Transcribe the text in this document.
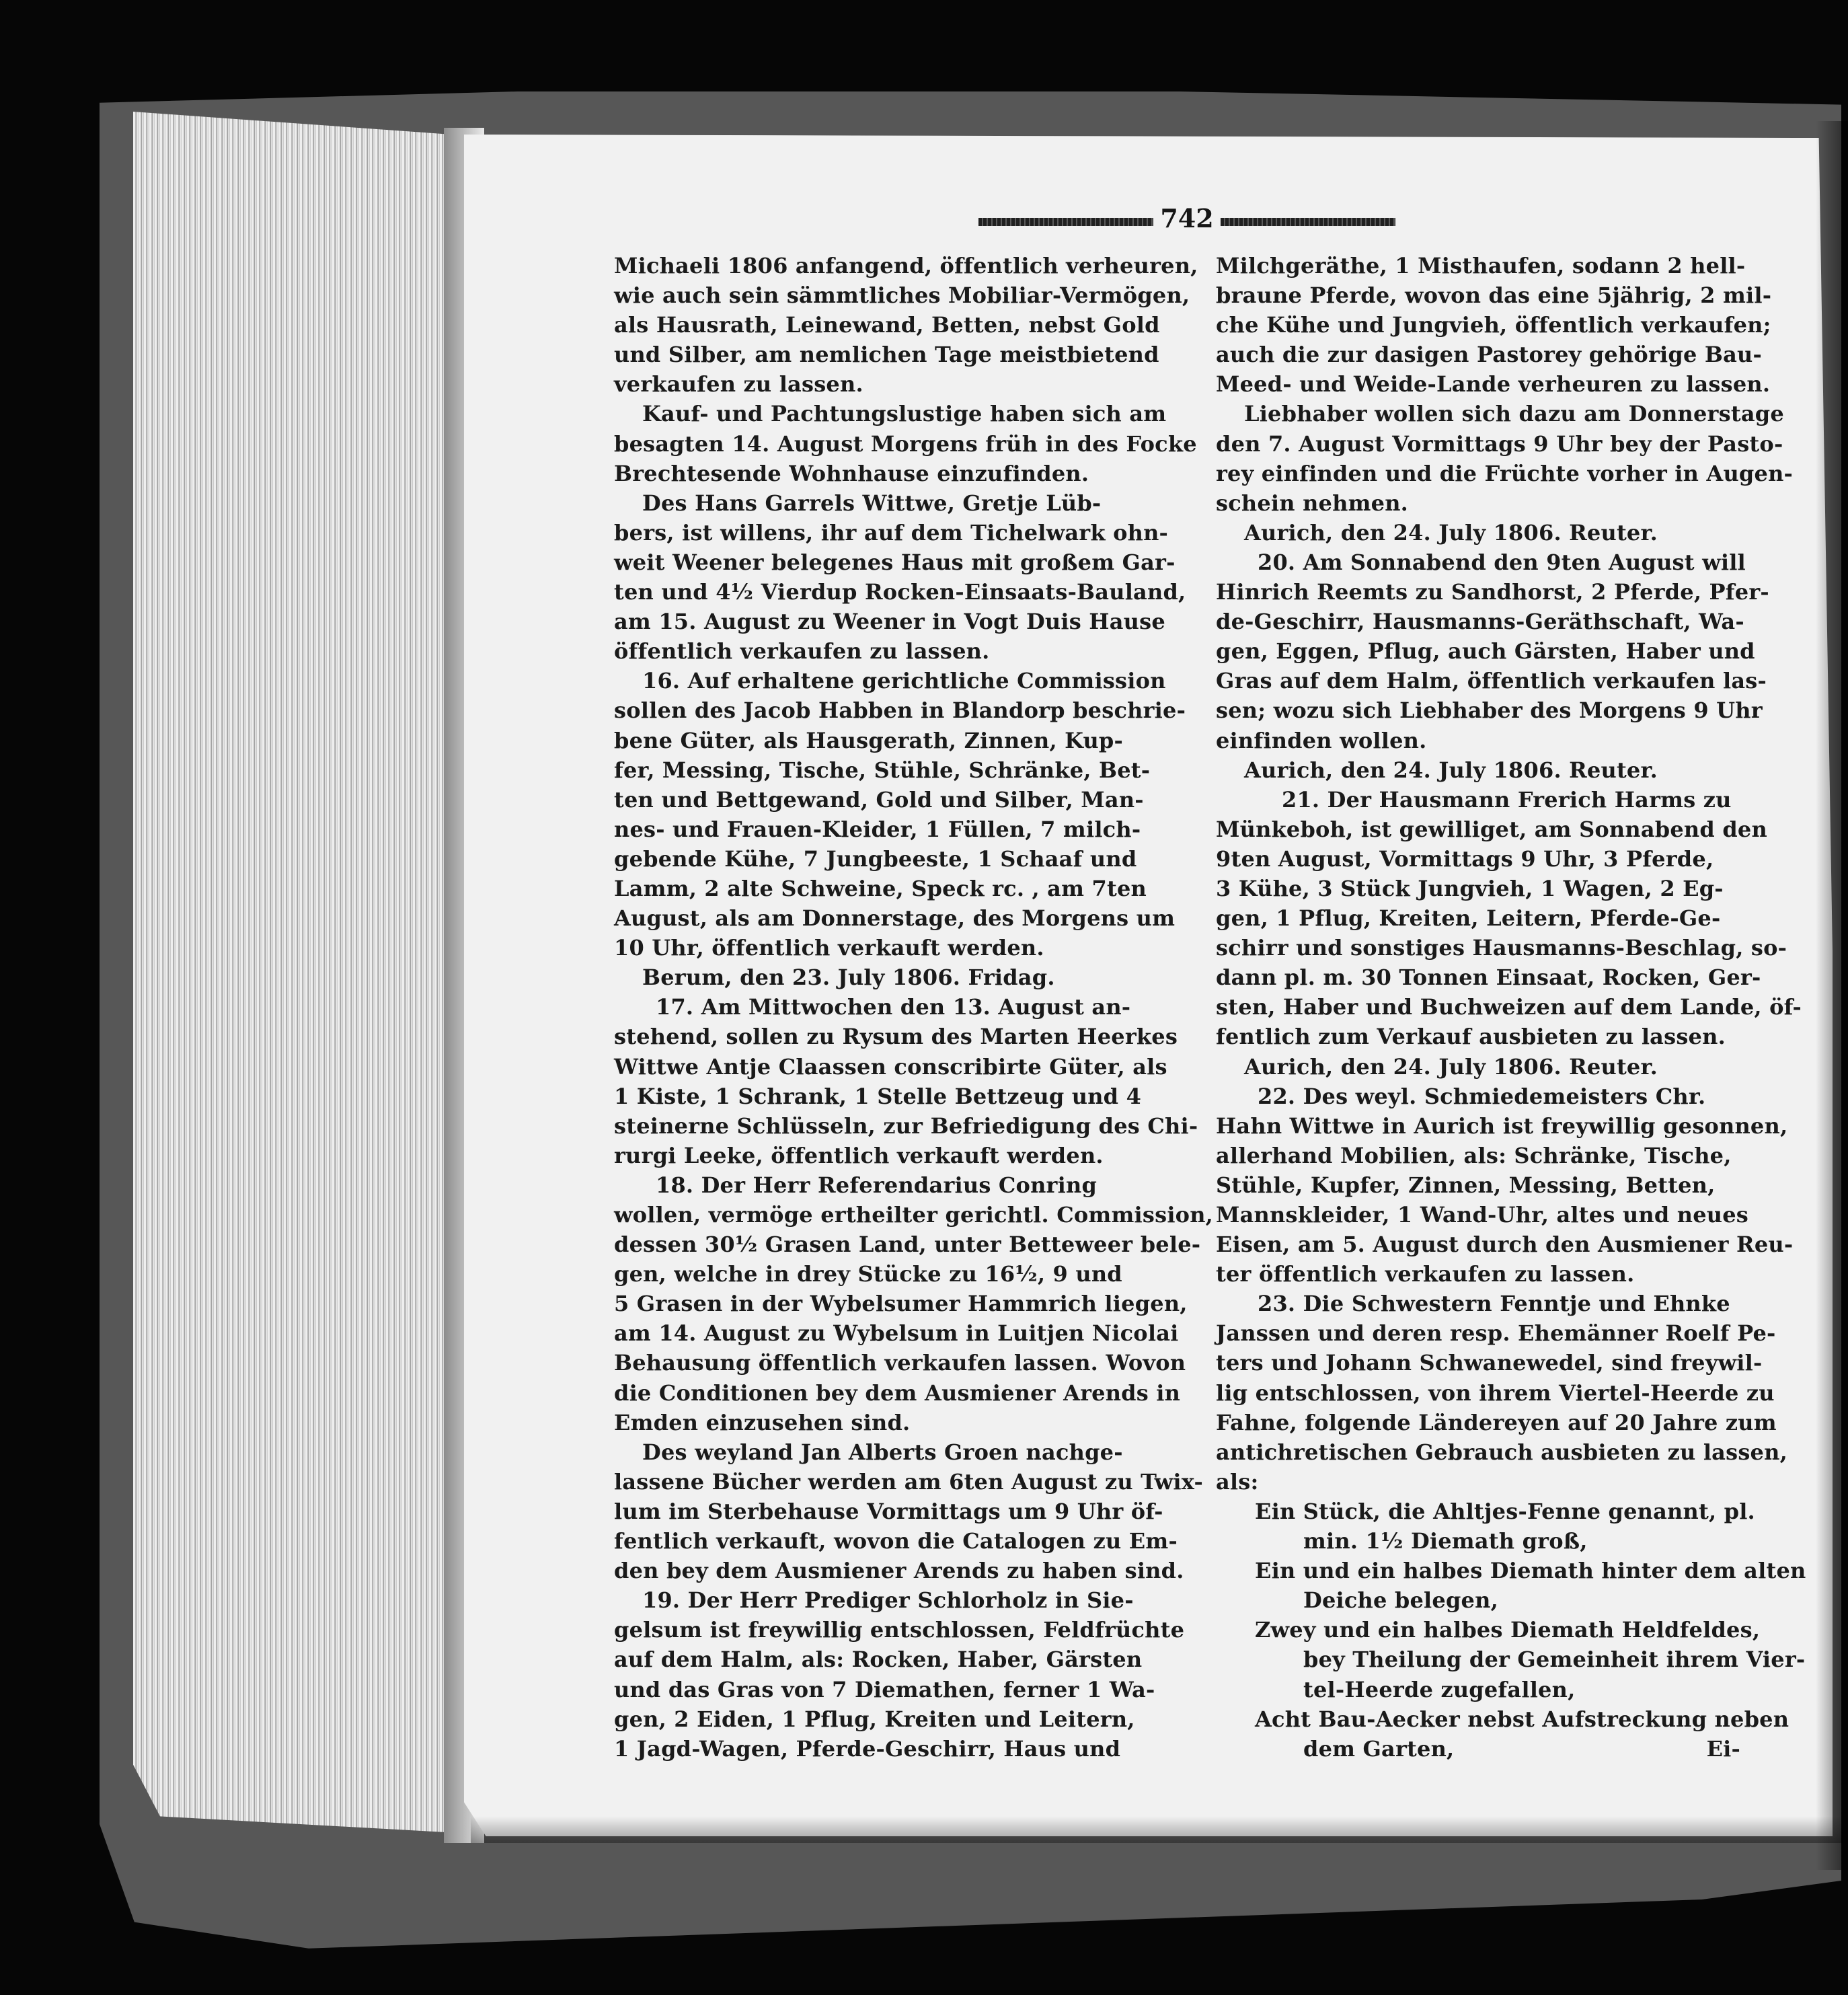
742
Michaeli 1806 anfangend, öffentlich verheuren,
wie auch sein sämmtliches Mobiliar-Vermögen,
als Hausrath, Leinewand, Betten, nebst Gold
und Silber, am nemlichen Tage meistbietend
verkaufen zu lassen.
Kauf- und Pachtungslustige haben sich am
besagten 14. August Morgens früh in des Focke
Brechtesende Wohnhause einzufinden.
Des Hans Garrels Wittwe, Gretje Lüb-
bers, ist willens, ihr auf dem Tichelwark ohn-
weit Weener belegenes Haus mit großem Gar-
ten und 4½ Vierdup Rocken-Einsaats-Bauland,
am 15. August zu Weener in Vogt Duis Hause
öffentlich verkaufen zu lassen.
16. Auf erhaltene gerichtliche Commission
sollen des Jacob Habben in Blandorp beschrie-
bene Güter, als Hausgerath, Zinnen, Kup-
fer, Messing, Tische, Stühle, Schränke, Bet-
ten und Bettgewand, Gold und Silber, Man-
nes- und Frauen-Kleider, 1 Füllen, 7 milch-
gebende Kühe, 7 Jungbeeste, 1 Schaaf und
Lamm, 2 alte Schweine, Speck rc. , am 7ten
August, als am Donnerstage, des Morgens um
10 Uhr, öffentlich verkauft werden.
Berum, den 23. July 1806. Fridag.
17. Am Mittwochen den 13. August an-
stehend, sollen zu Rysum des Marten Heerkes
Wittwe Antje Claassen conscribirte Güter, als
1 Kiste, 1 Schrank, 1 Stelle Bettzeug und 4
steinerne Schlüsseln, zur Befriedigung des Chi-
rurgi Leeke, öffentlich verkauft werden.
18. Der Herr Referendarius Conring
wollen, vermöge ertheilter gerichtl. Commission,
dessen 30½ Grasen Land, unter Betteweer bele-
gen, welche in drey Stücke zu 16½, 9 und
5 Grasen in der Wybelsumer Hammrich liegen,
am 14. August zu Wybelsum in Luitjen Nicolai
Behausung öffentlich verkaufen lassen. Wovon
die Conditionen bey dem Ausmiener Arends in
Emden einzusehen sind.
Des weyland Jan Alberts Groen nachge-
lassene Bücher werden am 6ten August zu Twix-
lum im Sterbehause Vormittags um 9 Uhr öf-
fentlich verkauft, wovon die Catalogen zu Em-
den bey dem Ausmiener Arends zu haben sind.
19. Der Herr Prediger Schlorholz in Sie-
gelsum ist freywillig entschlossen, Feldfrüchte
auf dem Halm, als: Rocken, Haber, Gärsten
und das Gras von 7 Diemathen, ferner 1 Wa-
gen, 2 Eiden, 1 Pflug, Kreiten und Leitern,
1 Jagd-Wagen, Pferde-Geschirr, Haus und
Milchgeräthe, 1 Misthaufen, sodann 2 hell-
braune Pferde, wovon das eine 5jährig, 2 mil-
che Kühe und Jungvieh, öffentlich verkaufen;
auch die zur dasigen Pastorey gehörige Bau-
Meed- und Weide-Lande verheuren zu lassen.
Liebhaber wollen sich dazu am Donnerstage
den 7. August Vormittags 9 Uhr bey der Pasto-
rey einfinden und die Früchte vorher in Augen-
schein nehmen.
Aurich, den 24. July 1806. Reuter.
20. Am Sonnabend den 9ten August will
Hinrich Reemts zu Sandhorst, 2 Pferde, Pfer-
de-Geschirr, Hausmanns-Geräthschaft, Wa-
gen, Eggen, Pflug, auch Gärsten, Haber und
Gras auf dem Halm, öffentlich verkaufen las-
sen; wozu sich Liebhaber des Morgens 9 Uhr
einfinden wollen.
Aurich, den 24. July 1806. Reuter.
21. Der Hausmann Frerich Harms zu
Münkeboh, ist gewilliget, am Sonnabend den
9ten August, Vormittags 9 Uhr, 3 Pferde,
3 Kühe, 3 Stück Jungvieh, 1 Wagen, 2 Eg-
gen, 1 Pflug, Kreiten, Leitern, Pferde-Ge-
schirr und sonstiges Hausmanns-Beschlag, so-
dann pl. m. 30 Tonnen Einsaat, Rocken, Ger-
sten, Haber und Buchweizen auf dem Lande, öf-
fentlich zum Verkauf ausbieten zu lassen.
Aurich, den 24. July 1806. Reuter.
22. Des weyl. Schmiedemeisters Chr.
Hahn Wittwe in Aurich ist freywillig gesonnen,
allerhand Mobilien, als: Schränke, Tische,
Stühle, Kupfer, Zinnen, Messing, Betten,
Mannskleider, 1 Wand-Uhr, altes und neues
Eisen, am 5. August durch den Ausmiener Reu-
ter öffentlich verkaufen zu lassen.
23. Die Schwestern Fenntje und Ehnke
Janssen und deren resp. Ehemänner Roelf Pe-
ters und Johann Schwanewedel, sind freywil-
lig entschlossen, von ihrem Viertel-Heerde zu
Fahne, folgende Ländereyen auf 20 Jahre zum
antichretischen Gebrauch ausbieten zu lassen,
als:
Ein Stück, die Ahltjes-Fenne genannt, pl.
min. 1½ Diemath groß,
Ein und ein halbes Diemath hinter dem alten
Deiche belegen,
Zwey und ein halbes Diemath Heldfeldes,
bey Theilung der Gemeinheit ihrem Vier-
tel-Heerde zugefallen,
Acht Bau-Aecker nebst Aufstreckung neben
dem Garten,	Ei-
